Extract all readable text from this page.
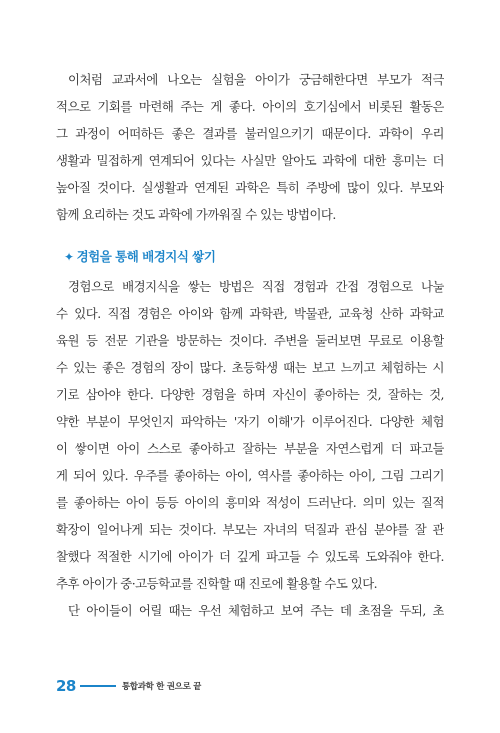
이처럼 교과서에 나오는 실험을 아이가 궁금해한다면 부모가 적극
적으로 기회를 마련해 주는 게 좋다. 아이의 호기심에서 비롯된 활동은
그 과정이 어떠하든 좋은 결과를 불러일으키기 때문이다. 과학이 우리
생활과 밀접하게 연계되어 있다는 사실만 알아도 과학에 대한 흥미는 더
높아질 것이다. 실생활과 연계된 과학은 특히 주방에 많이 있다. 부모와
함께 요리하는 것도 과학에 가까워질 수 있는 방법이다.
✦ 경험을 통해 배경지식 쌓기
경험으로 배경지식을 쌓는 방법은 직접 경험과 간접 경험으로 나눌
수 있다. 직접 경험은 아이와 함께 과학관, 박물관, 교육청 산하 과학교
육원 등 전문 기관을 방문하는 것이다. 주변을 둘러보면 무료로 이용할
수 있는 좋은 경험의 장이 많다. 초등학생 때는 보고 느끼고 체험하는 시
기로 삼아야 한다. 다양한 경험을 하며 자신이 좋아하는 것, 잘하는 것,
약한 부분이 무엇인지 파악하는 '자기 이해'가 이루어진다. 다양한 체험
이 쌓이면 아이 스스로 좋아하고 잘하는 부분을 자연스럽게 더 파고들
게 되어 있다. 우주를 좋아하는 아이, 역사를 좋아하는 아이, 그림 그리기
를 좋아하는 아이 등등 아이의 흥미와 적성이 드러난다. 의미 있는 질적
확장이 일어나게 되는 것이다. 부모는 자녀의 덕질과 관심 분야를 잘 관
찰했다 적절한 시기에 아이가 더 깊게 파고들 수 있도록 도와줘야 한다.
추후 아이가 중·고등학교를 진학할 때 진로에 활용할 수도 있다.
단 아이들이 어릴 때는 우선 체험하고 보여 주는 데 초점을 두되, 초
28	통합과학 한 권으로 끝
